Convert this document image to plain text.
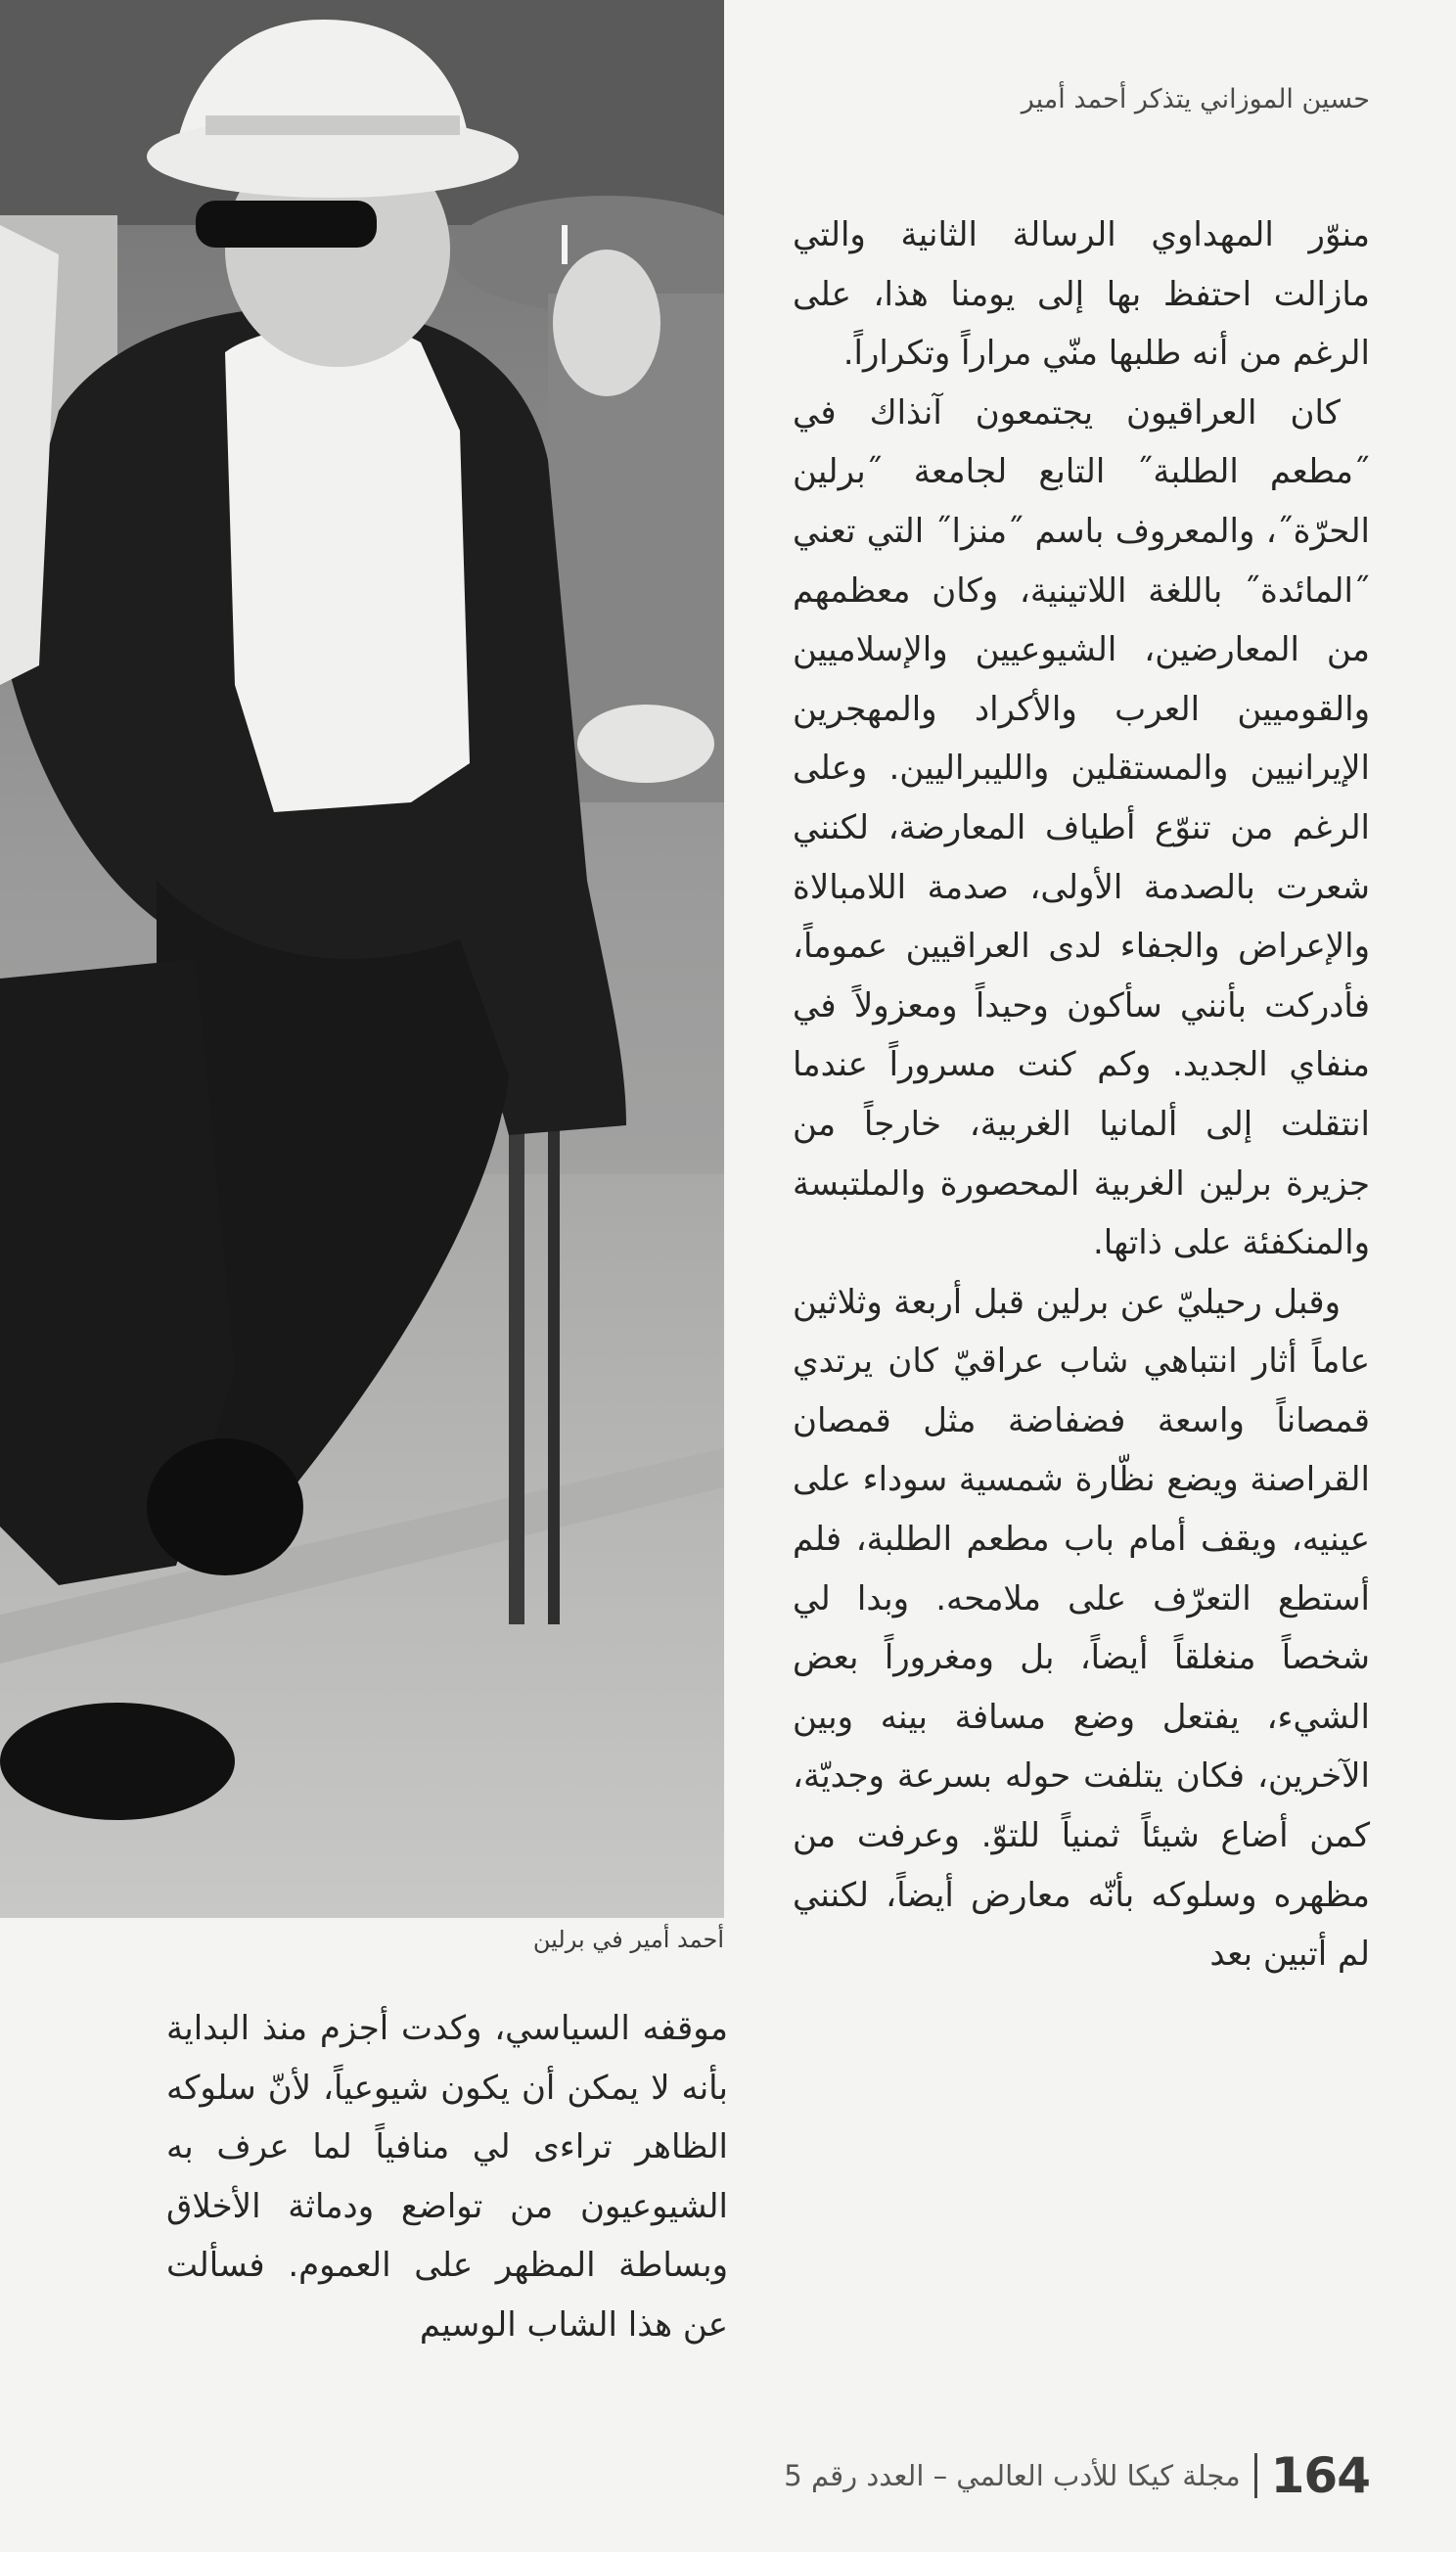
حسين الموزاني يتذكر أحمد أمير

منوّر المهداوي الرسالة الثانية والتي مازالت احتفظ بها إلى يومنا هذا، على الرغم من أنه طلبها منّي مراراً وتكراراً.

كان العراقيون يجتمعون آنذاك في ˝مطعم الطلبة˝ التابع لجامعة ˝برلين الحرّة˝، والمعروف باسم ˝منزا˝ التي تعني ˝المائدة˝ باللغة اللاتينية، وكان معظمهم من المعارضين، الشيوعيين والإسلاميين والقوميين العرب والأكراد والمهجرين الإيرانيين والمستقلين والليبراليين. وعلى الرغم من تنوّع أطياف المعارضة، لكنني شعرت بالصدمة الأولى، صدمة اللامبالاة والإعراض والجفاء لدى العراقيين عموماً، فأدركت بأنني سأكون وحيداً ومعزولاً في منفاي الجديد. وكم كنت مسروراً عندما انتقلت إلى ألمانيا الغربية، خارجاً من جزيرة برلين الغربية المحصورة والملتبسة والمنكفئة على ذاتها.

وقبل رحيليّ عن برلين قبل أربعة وثلاثين عاماً أثار انتباهي شاب عراقيّ كان يرتدي قمصاناً واسعة فضفاضة مثل قمصان القراصنة ويضع نظّارة شمسية سوداء على عينيه، ويقف أمام باب مطعم الطلبة، فلم أستطع التعرّف على ملامحه. وبدا لي شخصاً منغلقاً أيضاً، بل ومغروراً بعض الشيء، يفتعل وضع مسافة بينه وبين الآخرين، فكان يتلفت حوله بسرعة وجديّة، كمن أضاع شيئاً ثمنياً للتوّ. وعرفت من مظهره وسلوكه بأنّه معارض أيضاً، لكنني لم أتبين بعد

أحمد أمير في برلين

موقفه السياسي، وكدت أجزم منذ البداية بأنه لا يمكن أن يكون شيوعياً، لأنّ سلوكه الظاهر تراءى لي منافياً لما عرف به الشيوعيون من تواضع ودماثة الأخلاق وبساطة المظهر على العموم. فسألت عن هذا الشاب الوسيم

مجلة كيكا للأدب العالمي – العدد رقم 5 164
